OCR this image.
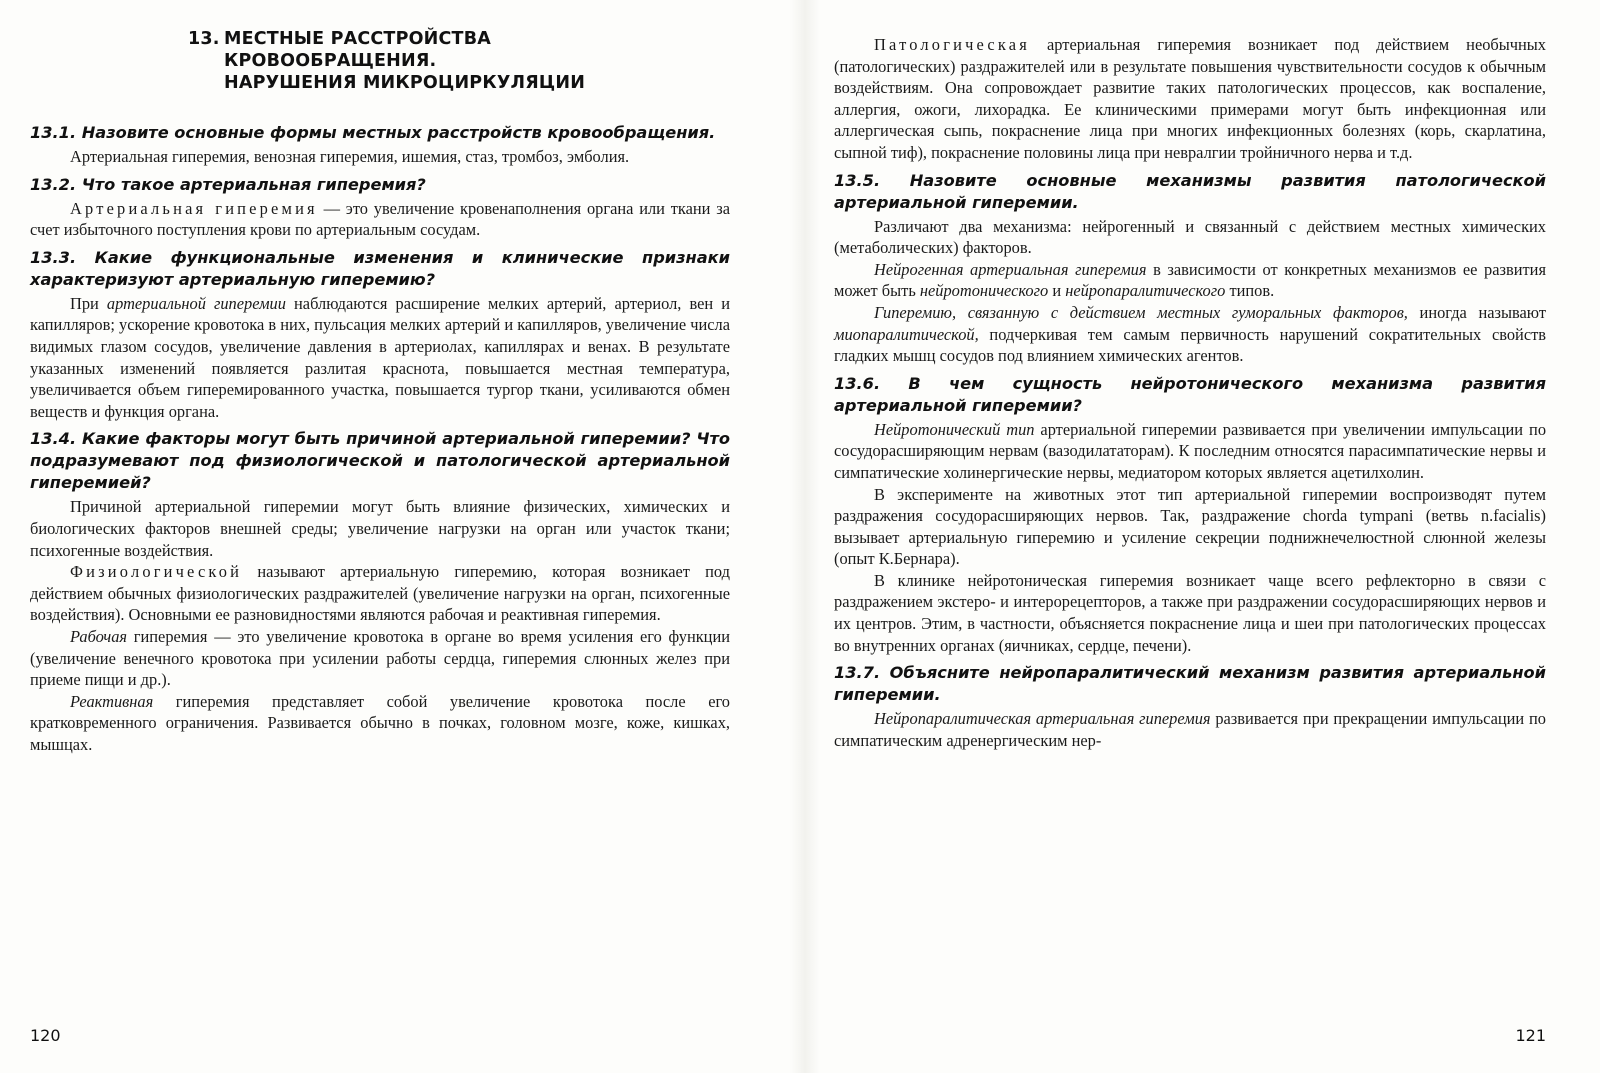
13. МЕСТНЫЕ РАССТРОЙСТВА
КРОВООБРАЩЕНИЯ.
НАРУШЕНИЯ МИКРОЦИРКУЛЯЦИИ
13.1. Назовите основные формы местных расстройств кровообращения.

Артериальная гиперемия, венозная гиперемия, ишемия, стаз, тромбоз, эмболия.

13.2. Что такое артериальная гиперемия?

Артериальная гиперемия — это увеличение кровенаполнения органа или ткани за счет избыточного поступления крови по артериальным сосудам.

13.3. Какие функциональные изменения и клинические признаки характеризуют артериальную гиперемию?

При артериальной гиперемии наблюдаются расширение мелких артерий, артериол, вен и капилляров; ускорение кровотока в них, пульсация мелких артерий и капилляров, увеличение числа видимых глазом сосудов, увеличение давления в артериолах, капиллярах и венах. В результате указанных изменений появляется разлитая краснота, повышается местная температура, увеличивается объем гиперемированного участка, повышается тургор ткани, усиливаются обмен веществ и функция органа.

13.4. Какие факторы могут быть причиной артериальной гиперемии? Что подразумевают под физиологической и патологической артериальной гиперемией?

Причиной артериальной гиперемии могут быть влияние физических, химических и биологических факторов внешней среды; увеличение нагрузки на орган или участок ткани; психогенные воздействия.

Физиологической называют артериальную гиперемию, которая возникает под действием обычных физиологических раздражителей (увеличение нагрузки на орган, психогенные воздействия). Основными ее разновидностями являются рабочая и реактивная гиперемия.

Рабочая гиперемия — это увеличение кровотока в органе во время усиления его функции (увеличение венечного кровотока при усилении работы сердца, гиперемия слюнных желез при приеме пищи и др.).

Реактивная гиперемия представляет собой увеличение кровотока после его кратковременного ограничения. Развивается обычно в почках, головном мозге, коже, кишках, мышцах.

120

Патологическая артериальная гиперемия возникает под действием необычных (патологических) раздражителей или в результате повышения чувствительности сосудов к обычным воздействиям. Она сопровождает развитие таких патологических процессов, как воспаление, аллергия, ожоги, лихорадка. Ее клиническими примерами могут быть инфекционная или аллергическая сыпь, покраснение лица при многих инфекционных болезнях (корь, скарлатина, сыпной тиф), покраснение половины лица при невралгии тройничного нерва и т.д.

13.5. Назовите основные механизмы развития патологической артериальной гиперемии.

Различают два механизма: нейрогенный и связанный с действием местных химических (метаболических) факторов.

Нейрогенная артериальная гиперемия в зависимости от конкретных механизмов ее развития может быть нейротонического и нейропаралитического типов.

Гиперемию, связанную с действием местных гуморальных факторов, иногда называют миопаралитической, подчеркивая тем самым первичность нарушений сократительных свойств гладких мышц сосудов под влиянием химических агентов.

13.6. В чем сущность нейротонического механизма развития артериальной гиперемии?

Нейротонический тип артериальной гиперемии развивается при увеличении импульсации по сосудорасширяющим нервам (вазодилататорам). К последним относятся парасимпатические нервы и симпатические холинергические нервы, медиатором которых является ацетилхолин.

В эксперименте на животных этот тип артериальной гиперемии воспроизводят путем раздражения сосудорасширяющих нервов. Так, раздражение chorda tympani (ветвь n.facialis) вызывает артериальную гиперемию и усиление секреции поднижнечелюстной слюнной железы (опыт К.Бернара).

В клинике нейротоническая гиперемия возникает чаще всего рефлекторно в связи с раздражением экстеро- и интерорецепторов, а также при раздражении сосудорасширяющих нервов и их центров. Этим, в частности, объясняется покраснение лица и шеи при патологических процессах во внутренних органах (яичниках, сердце, печени).

13.7. Объясните нейропаралитический механизм развития артериальной гиперемии.

Нейропаралитическая артериальная гиперемия развивается при прекращении импульсации по симпатическим адренергическим нер-

121
